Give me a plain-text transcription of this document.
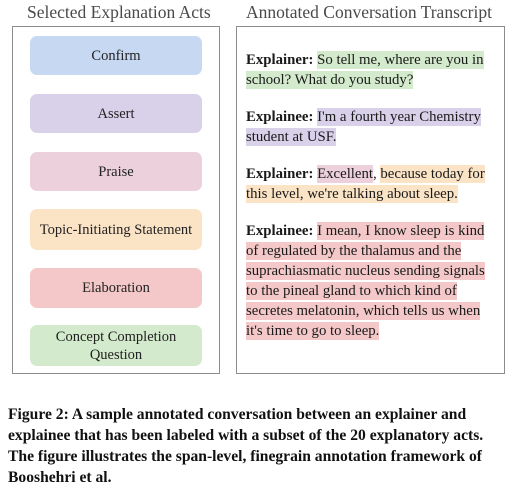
Selected Explanation Acts Annotated Conversation Transcript
Confirm
Assert
Praise
Topic-Initiating Statement
Elaboration
Concept Completion Question
Explainer: So tell me, where are you in school? What do you study?
Explainee: I'm a fourth year Chemistry student at USF.
Explainer: Excellent, because today for this level, we're talking about sleep.
Explainee: I mean, I know sleep is kind of regulated by the thalamus and the suprachiasmatic nucleus sending signals to the pineal gland to which kind of secretes melatonin, which tells us when it's time to go to sleep.
Figure 2: A sample annotated conversation between an explainer and explainee that has been labeled with a subset of the 20 explanatory acts. The figure illustrates the span-level, finegrain annotation framework of Booshehri et al.
